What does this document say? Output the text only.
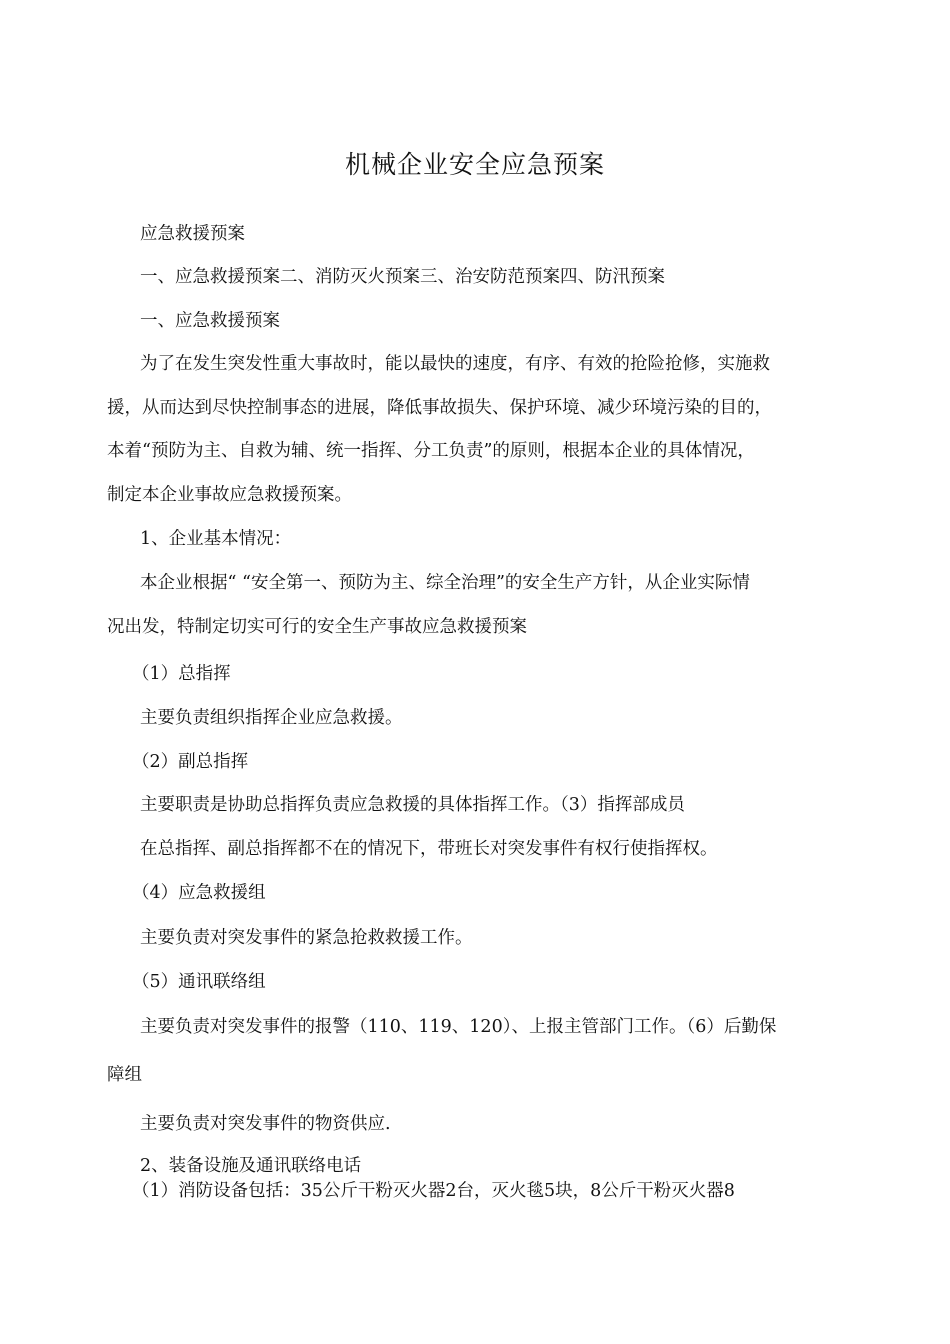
机械企业安全应急预案
应急救援预案
一、应急救援预案二、消防灭火预案三、治安防范预案四、防汛预案
一、应急救援预案
为了在发生突发性重大事故时，能以最快的速度，有序、有效的抢险抢修，实施救
援，从而达到尽快控制事态的进展，降低事故损失、保护环境、减少环境污染的目的，
本着“预防为主、自救为辅、统一指挥、分工负责”的原则，根据本企业的具体情况，
制定本企业事故应急救援预案。
1、企业基本情况：
本企业根据“ “安全第一、预防为主、综全治理”的安全生产方针，从企业实际情
况出发，特制定切实可行的安全生产事故应急救援预案
（1）总指挥
主要负责组织指挥企业应急救援。
（2）副总指挥
主要职责是协助总指挥负责应急救援的具体指挥工作。（3）指挥部成员
在总指挥、副总指挥都不在的情况下，带班长对突发事件有权行使指挥权。
（4）应急救援组
主要负责对突发事件的紧急抢救救援工作。
（5）通讯联络组
主要负责对突发事件的报警（110、119、120）、上报主管部门工作。（6）后勤保
障组
主要负责对突发事件的物资供应.
2、装备设施及通讯联络电话
（1）消防设备包括：35公斤干粉灭火器2台，灭火毯5块，8公斤干粉灭火器8
